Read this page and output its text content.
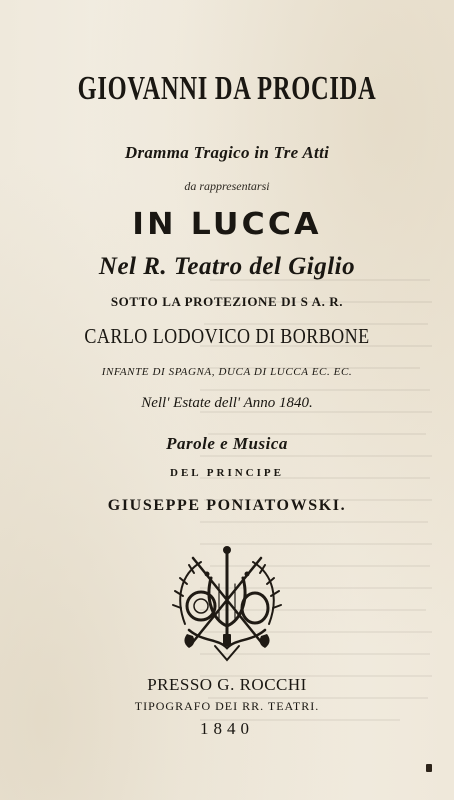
GIOVANNI DA PROCIDA
Dramma Tragico in Tre Atti
da rappresentarsi
IN LUCCA
Nel R. Teatro del Giglio
SOTTO LA PROTEZIONE DI S A. R.
CARLO LODOVICO DI BORBONE
INFANTE DI SPAGNA, DUCA DI LUCCA EC. EC.
Nell' Estate dell' Anno 1840.
Parole e Musica
DEL PRINCIPE
GIUSEPPE PONIATOWSKI.
PRESSO G. ROCCHI
TIPOGRAFO DEI RR. TEATRI.
1840
